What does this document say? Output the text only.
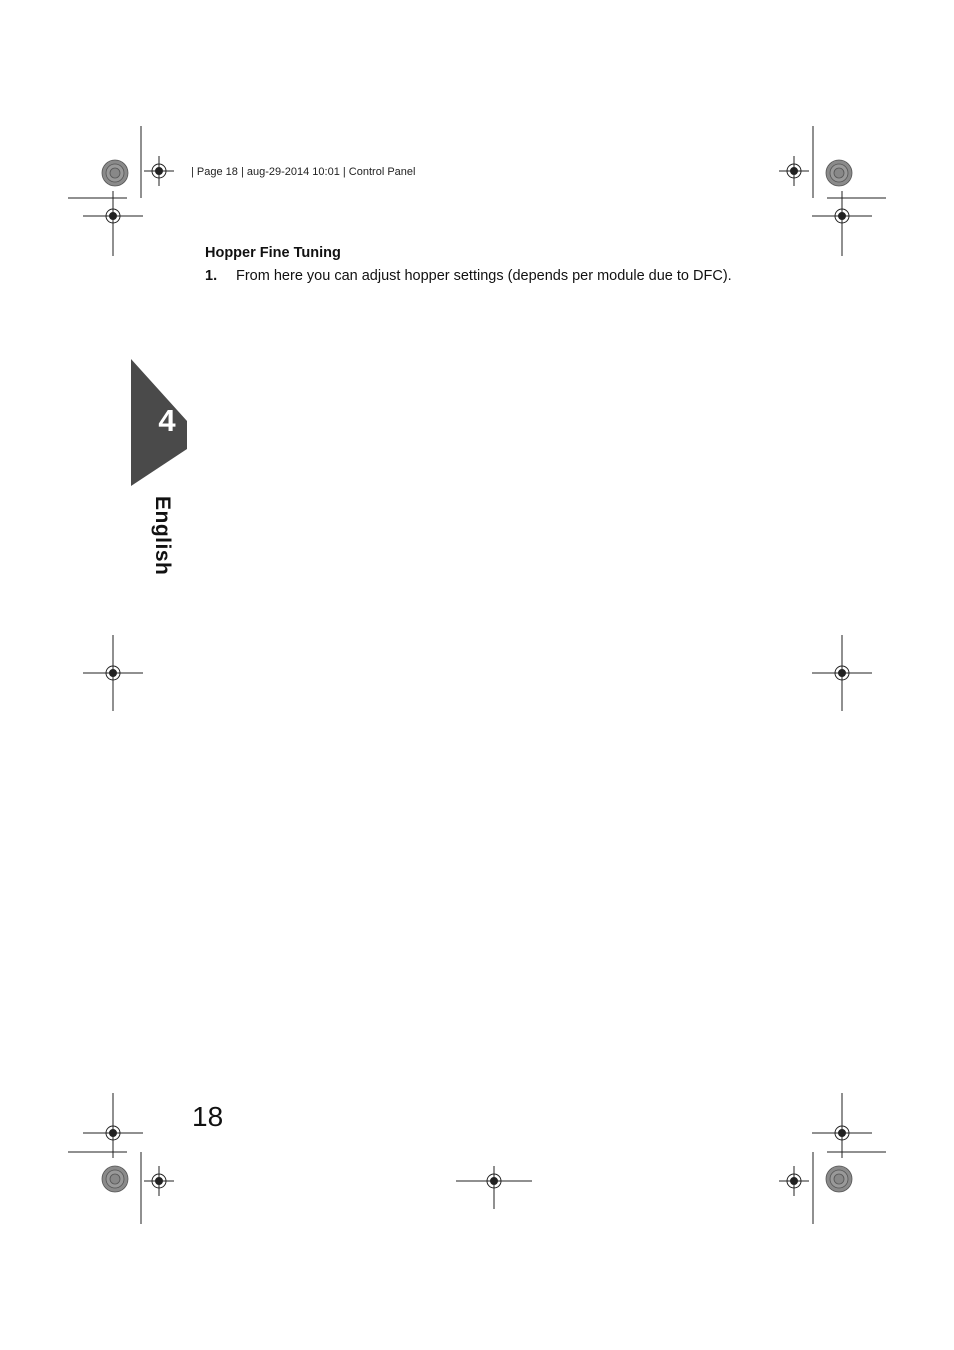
| Page 18 | aug-29-2014 10:01 | Control Panel
Hopper Fine Tuning
1. From here you can adjust hopper settings (depends per module due to DFC).
4
English
18
